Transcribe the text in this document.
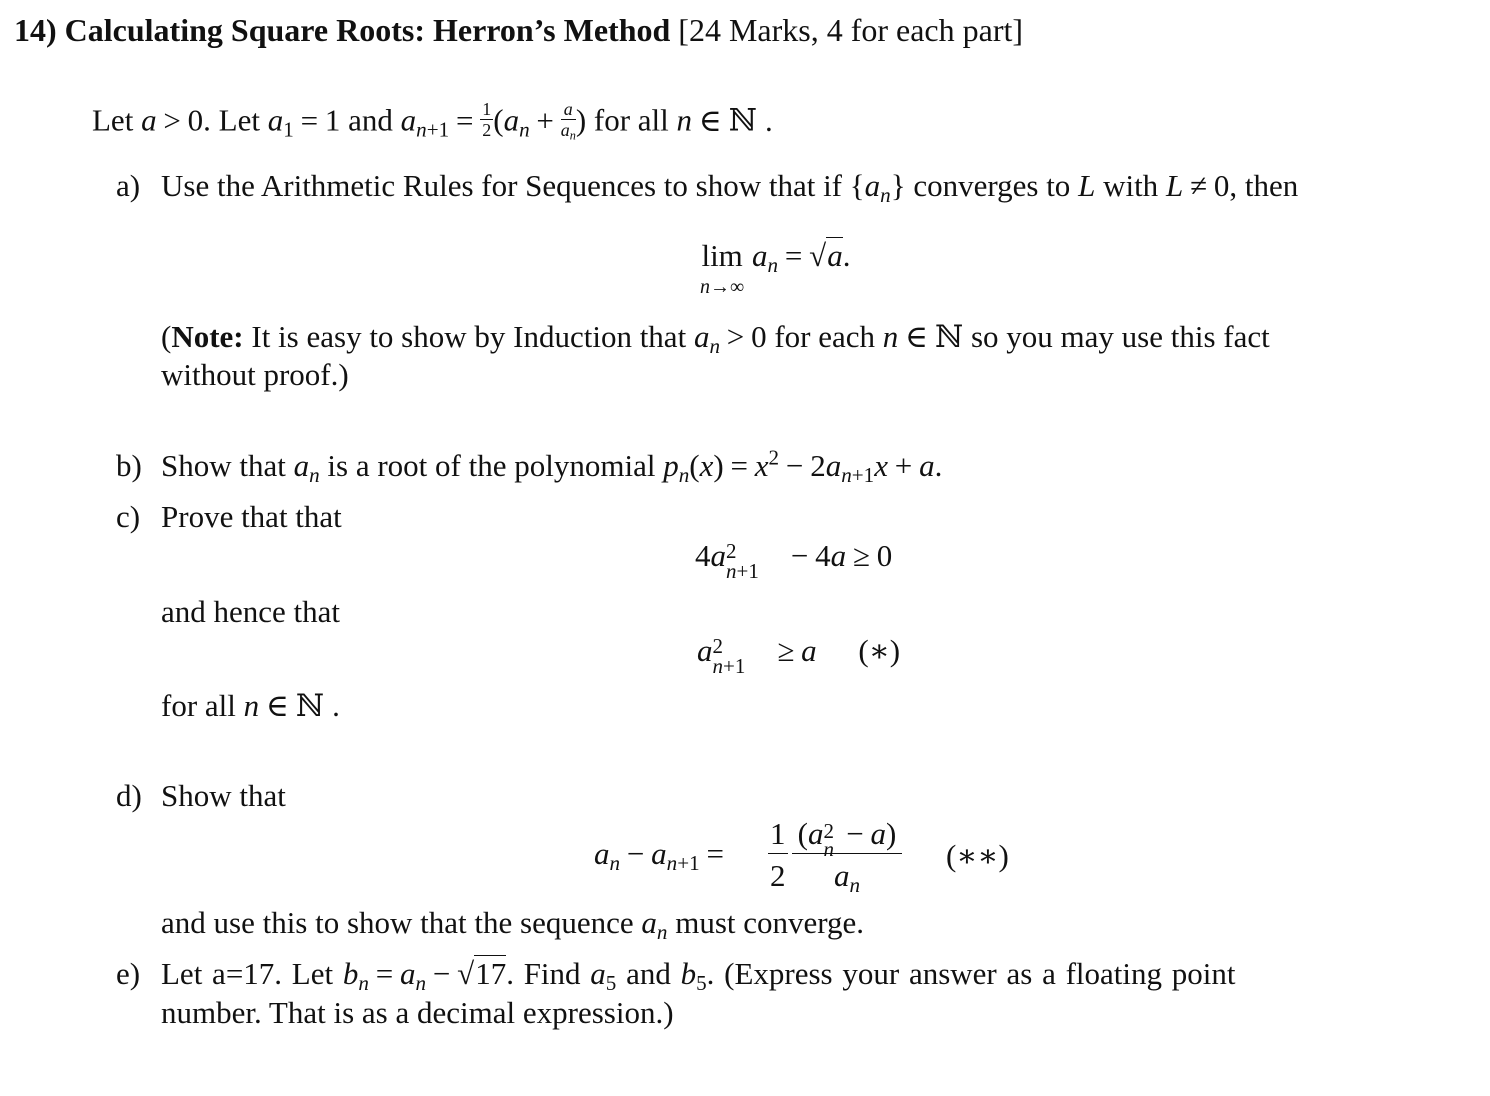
14) Calculating Square Roots: Herron’s Method [24 Marks, 4 for each part]
Let a > 0. Let $a_1 = 1$ and $a_{n+1} = \frac{1}{2} (a_n + \frac{a}{a_n}$ ) for all n ∈ ℕ .
a) Use the Arithmetic Rules for Sequences to show that if $\{a_n\}$ converges to L with L ≠ 0, then
lim
n→∞
$a_n = √a$.
(Note: It is easy to show by Induction that $a_n > 0$ for each n ∈ ℕ so you may use this fact
without proof.)
b) Show that $a_n$ is a root of the polynomial $p_n(x) = x^2 - 2a_{n+1}x + a$.
c) Prove that that
4a 2
n+1 − 4a ≥ 0
and hence that
a 2
n+1 ≥ a (∗)
for all n ∈ ℕ .
d) Show that
$a_n - a_{n+1} = \frac{1}{2} (a$ 2
n − a)
$a_n$ (∗∗)
and use this to show that the sequence $a_n$ must converge.
e) Let a=17. Let $b_n = a_n - √17$. Find $a_5$ and $b_5$. (Express your answer as a floating point
number. That is as a decimal expression.)
